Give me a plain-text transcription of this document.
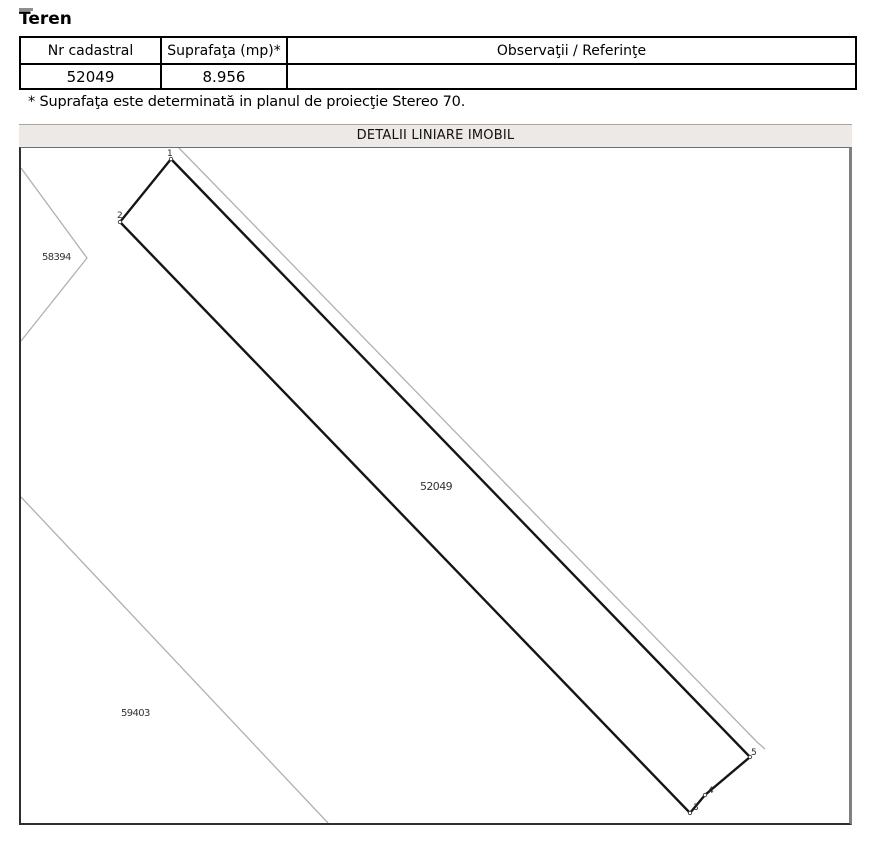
Teren
Nr cadastral	Suprafaţa (mp)*	Observaţii / Referinţe
52049	8.956	
* Suprafaţa este determinată in planul de proiecţie Stereo 70.
DETALII LINIARE IMOBIL
1
2
3
4
5
52049
58394
59403
